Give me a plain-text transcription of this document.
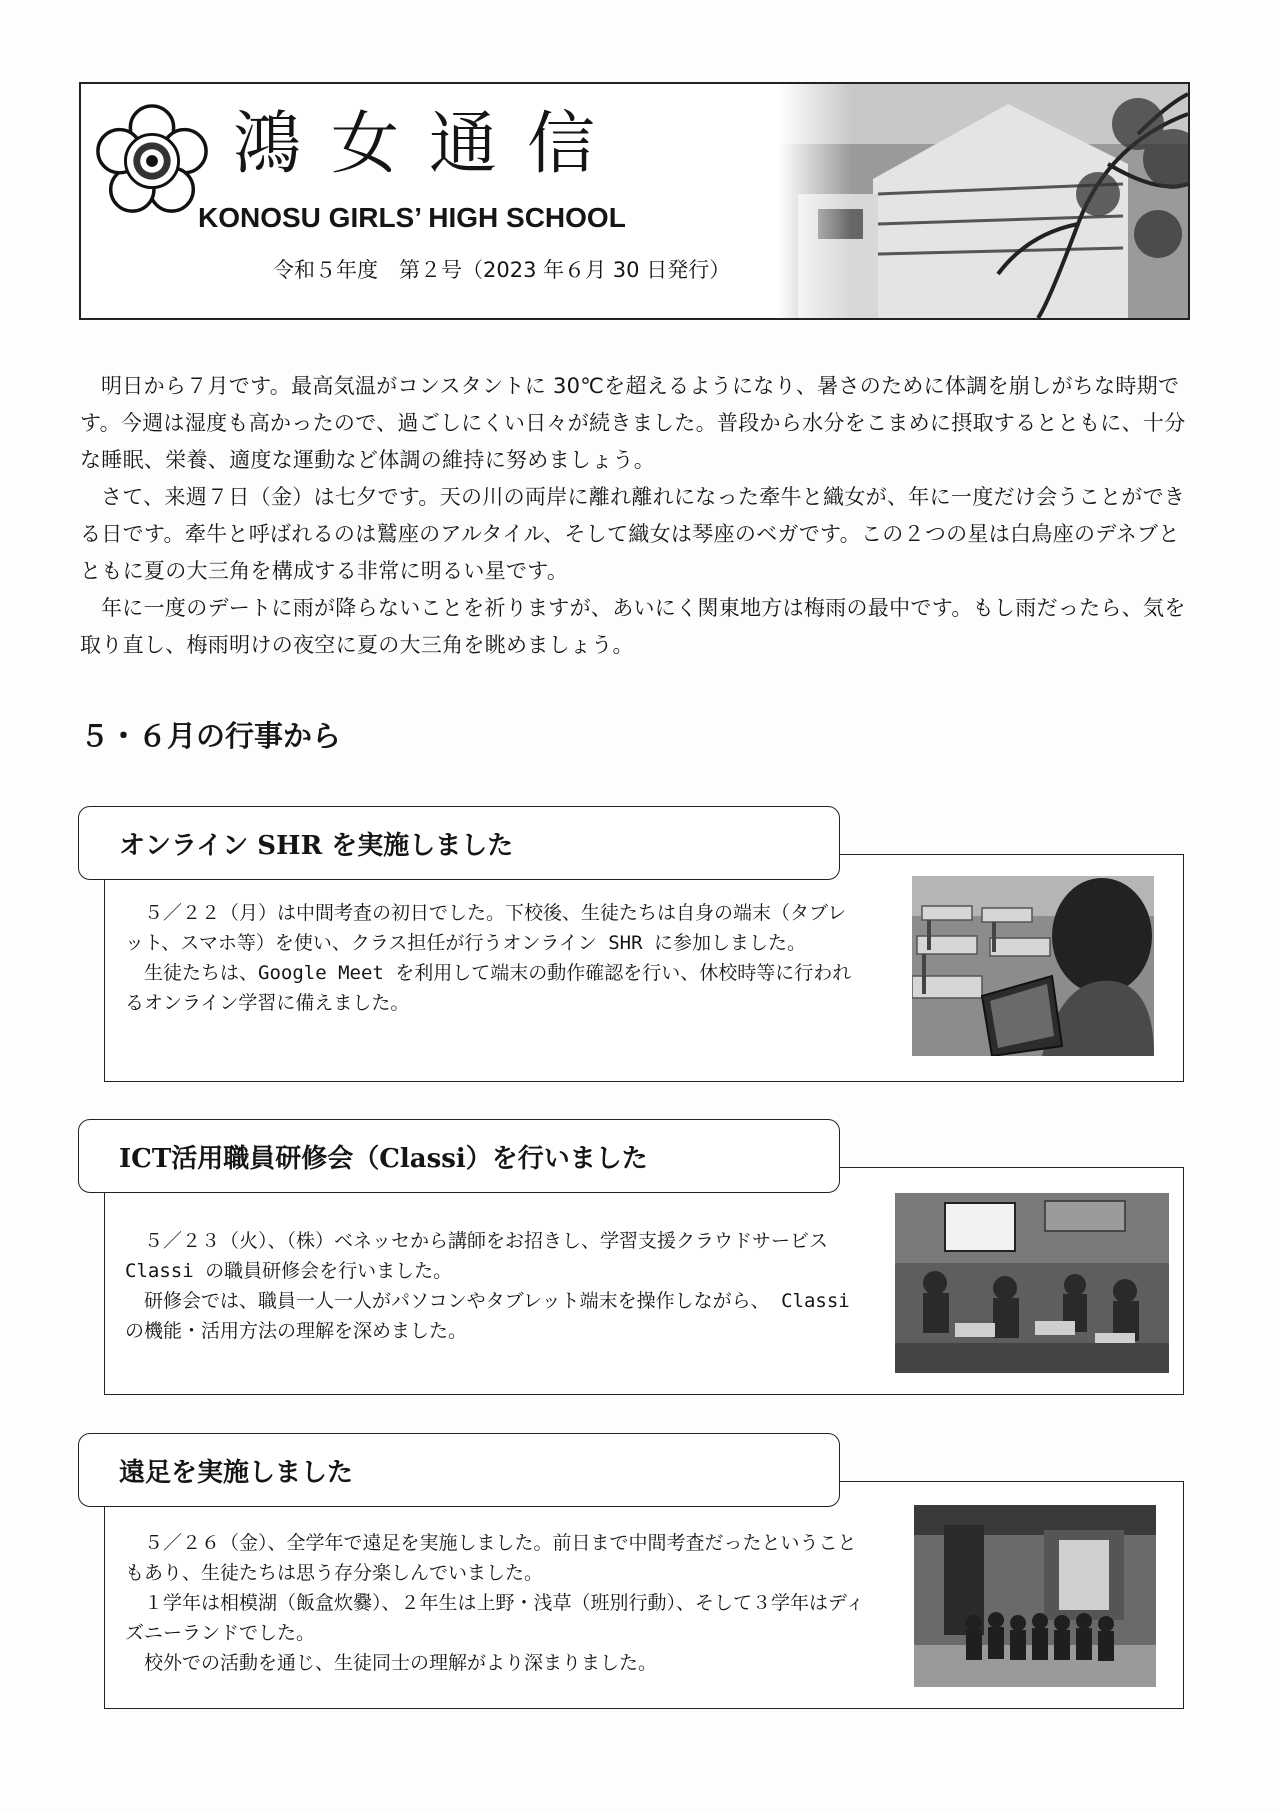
鴻女通信

KONOSU GIRLS’ HIGH SCHOOL

令和５年度　第２号（2023 年６月 30 日発行）

明日から７月です。最高気温がコンスタントに 30℃を超えるようになり、暑さのために体調を崩しがちな時期です。今週は湿度も高かったので、過ごしにくい日々が続きました。普段から水分をこまめに摂取するとともに、十分な睡眠、栄養、適度な運動など体調の維持に努めましょう。

さて、来週７日（金）は七夕です。天の川の両岸に離れ離れになった牽牛と織女が、年に一度だけ会うことができる日です。牽牛と呼ばれるのは鷲座のアルタイル、そして織女は琴座のベガです。この２つの星は白鳥座のデネブとともに夏の大三角を構成する非常に明るい星です。

年に一度のデートに雨が降らないことを祈りますが、あいにく関東地方は梅雨の最中です。もし雨だったら、気を取り直し、梅雨明けの夜空に夏の大三角を眺めましょう。

５・６月の行事から
オンライン SHR を実施しました

５／２２（月）は中間考査の初日でした。下校後、生徒たちは自身の端末（タブレット、スマホ等）を使い、クラス担任が行うオンライン SHR に参加しました。

生徒たちは、Google Meet を利用して端末の動作確認を行い、休校時等に行われるオンライン学習に備えました。

ICT活用職員研修会（Classi）を行いました

５／２３（火）、（株）ベネッセから講師をお招きし、学習支援クラウドサービス Classi の職員研修会を行いました。

研修会では、職員一人一人がパソコンやタブレット端末を操作しながら、 Classi の機能・活用方法の理解を深めました。

遠足を実施しました

５／２６（金）、全学年で遠足を実施しました。前日まで中間考査だったということもあり、生徒たちは思う存分楽しんでいました。

１学年は相模湖（飯盒炊爨）、２年生は上野・浅草（班別行動）、そして３学年はディズニーランドでした。

校外での活動を通じ、生徒同士の理解がより深まりました。
